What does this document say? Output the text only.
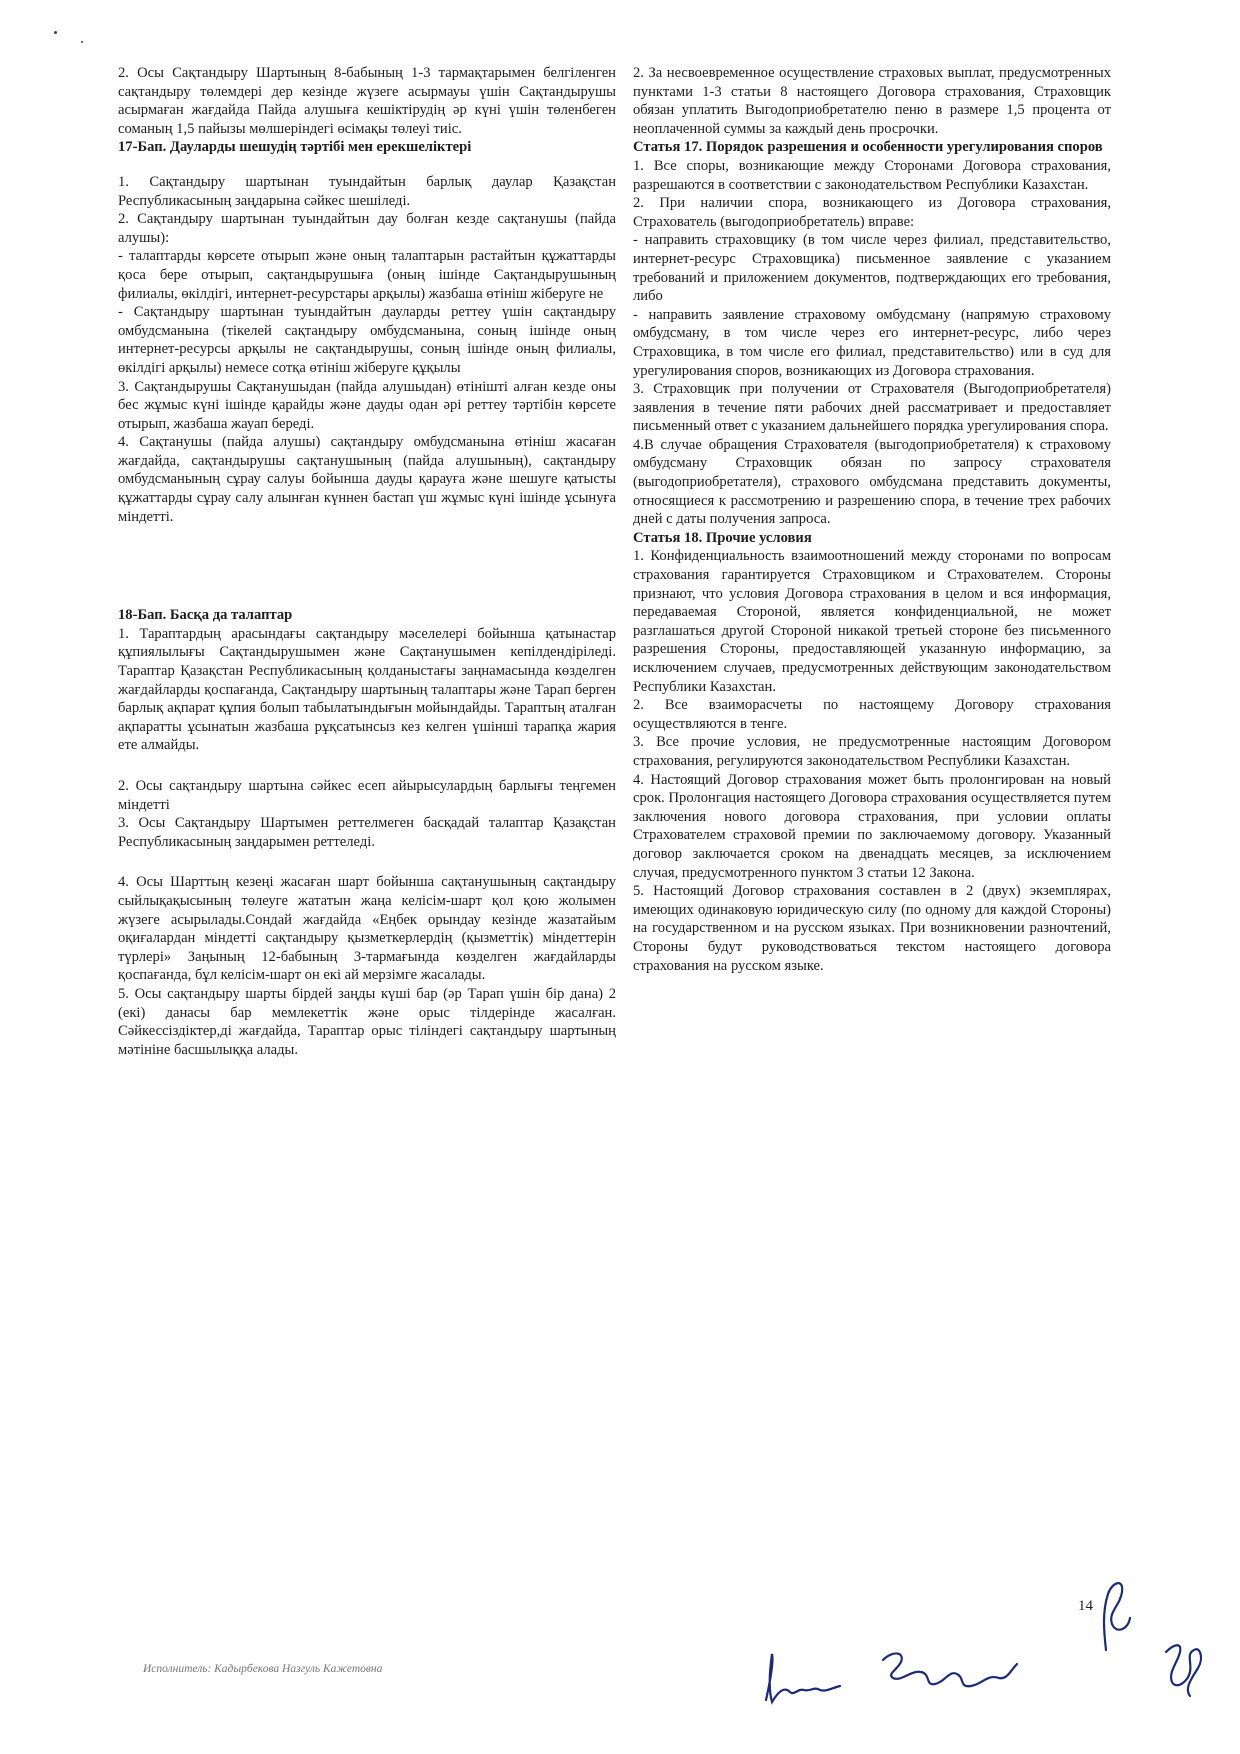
2. Осы Сақтандыру Шартының 8-бабының 1-3 тармақтарымен белгіленген сақтандыру төлемдері дер кезінде жүзеге асырмауы үшін Сақтандырушы асырмаған жағдайда Пайда алушыға кешіктірудің әр күні үшін төленбеген соманың 1,5 пайызы мөлшеріндегі өсімақы төлеуі тиіс.

17-Бап. Дауларды шешудің тәртібі мен ерекшеліктері

1. Сақтандыру шартынан туындайтын барлық даулар Қазақстан Республикасының заңдарына сәйкес шешіледі.

2. Сақтандыру шартынан туындайтын дау болған кезде сақтанушы (пайда алушы):

- талаптарды көрсете отырып және оның талаптарын растайтын құжаттарды қоса бере отырып, сақтандырушыға (оның ішінде Сақтандырушының филиалы, өкілдігі, интернет-ресурстары арқылы) жазбаша өтініш жіберуге не

- Сақтандыру шартынан туындайтын дауларды реттеу үшін сақтандыру омбудсманына (тікелей сақтандыру омбудсманына, соның ішінде оның интернет-ресурсы арқылы не сақтандырушы, соның ішінде оның филиалы, өкілдігі арқылы) немесе сотқа өтініш жіберуге құқылы

3. Сақтандырушы Сақтанушыдан (пайда алушыдан) өтінішті алған кезде оны бес жұмыс күні ішінде қарайды және дауды одан әрі реттеу тәртібін көрсете отырып, жазбаша жауап береді.

4. Сақтанушы (пайда алушы) сақтандыру омбудсманына өтініш жасаған жағдайда, сақтандырушы сақтанушының (пайда алушының), сақтандыру омбудсманының сұрау салуы бойынша дауды қарауға және шешуге қатысты құжаттарды сұрау салу алынған күннен бастап үш жұмыс күні ішінде ұсынуға міндетті.

18-Бап. Басқа да талаптар

1. Тараптардың арасындағы сақтандыру мәселелері бойынша қатынастар құпиялылығы Сақтандырушымен және Сақтанушымен кепілдендіріледі. Тараптар Қазақстан Республикасының қолданыстағы заңнамасында көзделген жағдайларды қоспағанда, Сақтандыру шартының талаптары және Тарап берген барлық ақпарат құпия болып табылатындығын мойындайды. Тараптың аталған ақпаратты ұсынатын жазбаша рұқсатынсыз кез келген үшінші тарапқа жария ете алмайды.

2. Осы сақтандыру шартына сәйкес есеп айырысулардың барлығы теңгемен міндетті

3. Осы Сақтандыру Шартымен реттелмеген басқадай талаптар Қазақстан Республикасының заңдарымен реттеледі.

4. Осы Шарттың кезеңі жасаған шарт бойынша сақтанушының сақтандыру сыйлықақысының төлеуге жататын жаңа келісім-шарт қол қою жолымен жүзеге асырылады.Сондай жағдайда «Еңбек орындау кезінде жазатайым оқиғалардан міндетті сақтандыру қызметкерлердің (қызметтік) міндеттерін түрлері» Заңының 12-бабының 3-тармағында көзделген жағдайларды қоспағанда, бұл келісім-шарт он екі ай мерзімге жасалады.

5. Осы сақтандыру шарты бірдей заңды күші бар (әр Тарап үшін бір дана) 2 (екі) данасы бар мемлекеттік және орыс тілдерінде жасалған. Сәйкессіздіктер,ді жағдайда, Тараптар орыс тіліндегі сақтандыру шартының мәтініне басшылыққа алады.

2. За несвоевременное осуществление страховых выплат, предусмотренных пунктами 1-3 статьи 8 настоящего Договора страхования, Страховщик обязан уплатить Выгодоприобретателю пеню в размере 1,5 процента от неоплаченной суммы за каждый день просрочки.

Статья 17. Порядок разрешения и особенности урегулирования споров

1. Все споры, возникающие между Сторонами Договора страхования, разрешаются в соответствии с законодательством Республики Казахстан.

2. При наличии спора, возникающего из Договора страхования, Страхователь (выгодоприобретатель) вправе:

- направить страховщику (в том числе через филиал, представительство, интернет-ресурс Страховщика) письменное заявление с указанием требований и приложением документов, подтверждающих его требования, либо

- направить заявление страховому омбудсману (напрямую страховому омбудсману, в том числе через его интернет-ресурс, либо через Страховщика, в том числе его филиал, представительство) или в суд для урегулирования споров, возникающих из Договора страхования.

3. Страховщик при получении от Страхователя (Выгодоприобретателя) заявления в течение пяти рабочих дней рассматривает и предоставляет письменный ответ с указанием дальнейшего порядка урегулирования спора.

4.В случае обращения Страхователя (выгодоприобретателя) к страховому омбудсману Страховщик обязан по запросу страхователя (выгодоприобретателя), страхового омбудсмана представить документы, относящиеся к рассмотрению и разрешению спора, в течение трех рабочих дней с даты получения запроса.

Статья 18. Прочие условия

1. Конфиденциальность взаимоотношений между сторонами по вопросам страхования гарантируется Страховщиком и Страхователем. Стороны признают, что условия Договора страхования в целом и вся информация, передаваемая Стороной, является конфиденциальной, не может разглашаться другой Стороной никакой третьей стороне без письменного разрешения Стороны, предоставляющей указанную информацию, за исключением случаев, предусмотренных действующим законодательством Республики Казахстан.

2. Все взаиморасчеты по настоящему Договору страхования осуществляются в тенге.

3. Все прочие условия, не предусмотренные настоящим Договором страхования, регулируются законодательством Республики Казахстан.

4. Настоящий Договор страхования может быть пролонгирован на новый срок. Пролонгация настоящего Договора страхования осуществляется путем заключения нового договора страхования, при условии оплаты Страхователем страховой премии по заключаемому договору. Указанный договор заключается сроком на двенадцать месяцев, за исключением случая, предусмотренного пунктом 3 статьи 12 Закона.

5. Настоящий Договор страхования составлен в 2 (двух) экземплярах, имеющих одинаковую юридическую силу (по одному для каждой Стороны) на государственном и на русском языках. При возникновении разночтений, Стороны будут руководствоваться текстом настоящего договора страхования на русском языке.

Исполнитель: Кадырбекова Назгуль Кажетовна
14
